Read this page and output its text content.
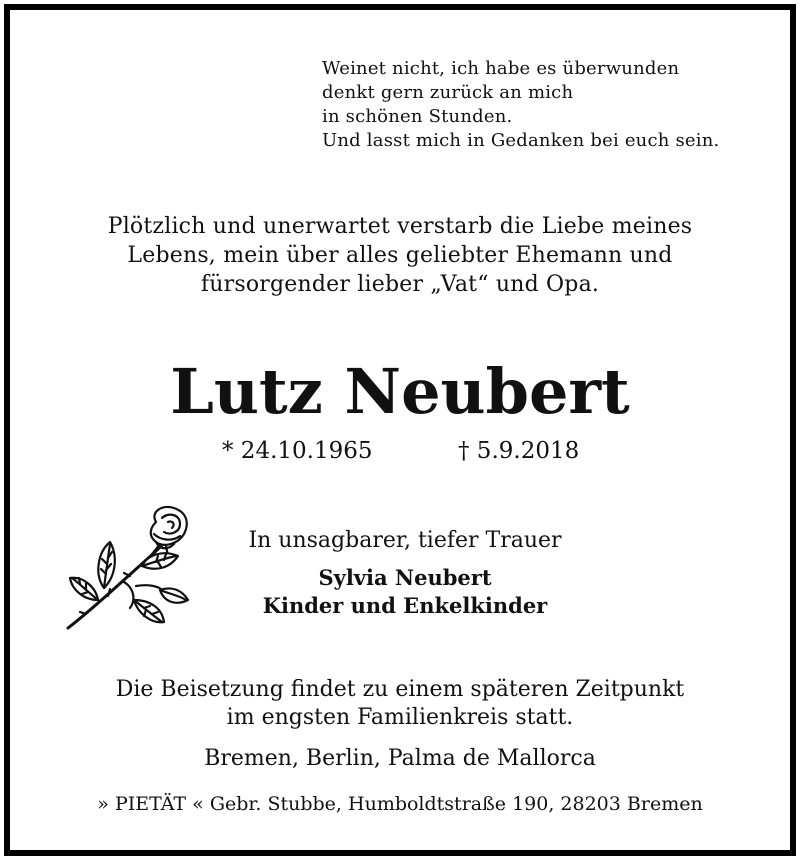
Weinet nicht, ich habe es überwunden
denkt gern zurück an mich
in schönen Stunden.
Und lasst mich in Gedanken bei euch sein.
Plötzlich und unerwartet verstarb die Liebe meines
Lebens, mein über alles geliebter Ehemann und
fürsorgender lieber „Vat“ und Opa.
Lutz Neubert
* 24.10.1965	† 5.9.2018
In unsagbarer, tiefer Trauer
Sylvia Neubert
Kinder und Enkelkinder
Die Beisetzung findet zu einem späteren Zeitpunkt
im engsten Familienkreis statt.
Bremen, Berlin, Palma de Mallorca
» PIETÄT « Gebr. Stubbe, Humboldtstraße 190, 28203 Bremen
